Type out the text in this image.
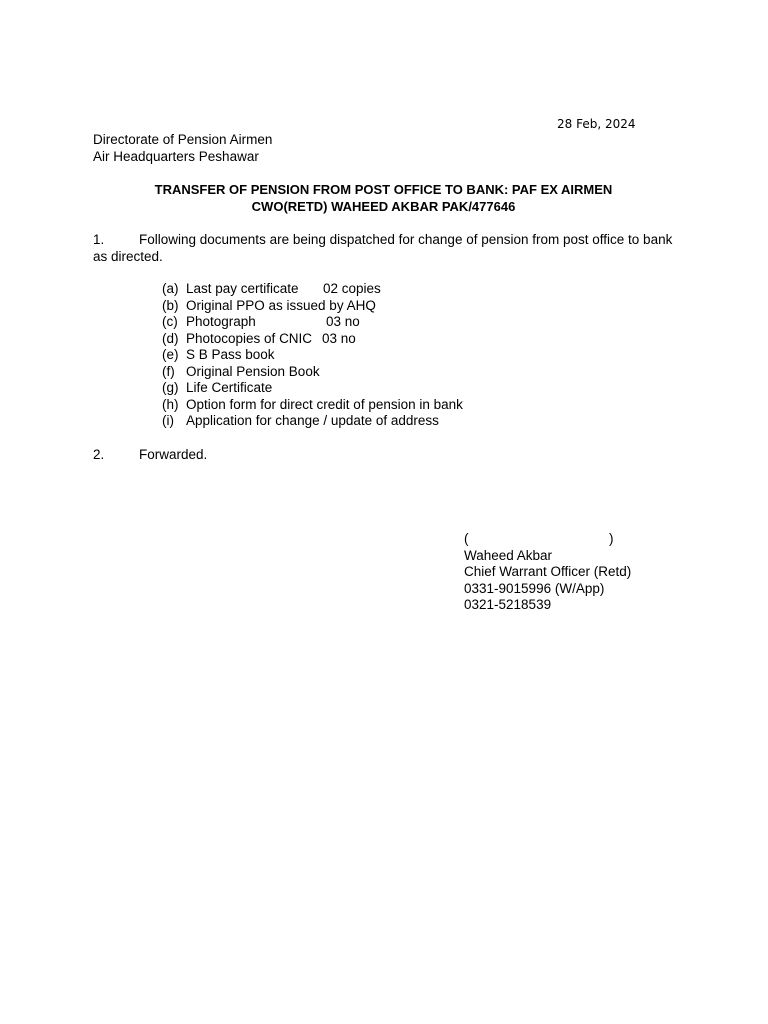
28 Feb, 2024
Directorate of Pension Airmen
Air Headquarters Peshawar
TRANSFER OF PENSION FROM POST OFFICE TO BANK: PAF EX AIRMEN
CWO(RETD) WAHEED AKBAR PAK/477646
1.	Following documents are being dispatched for change of pension from post office to bank as directed.
(a) Last pay certificate 02 copies
(b) Original PPO as issued by AHQ
(c) Photograph	03 no
(d) Photocopies of CNIC 03 no
(e) S B Pass book
(f) Original Pension Book
(g) Life Certificate
(h) Option form for direct credit of pension in bank
(i) Application for change / update of address
2.	Forwarded.
(	)
Waheed Akbar
Chief Warrant Officer (Retd)
0331-9015996 (W/App)
0321-5218539
